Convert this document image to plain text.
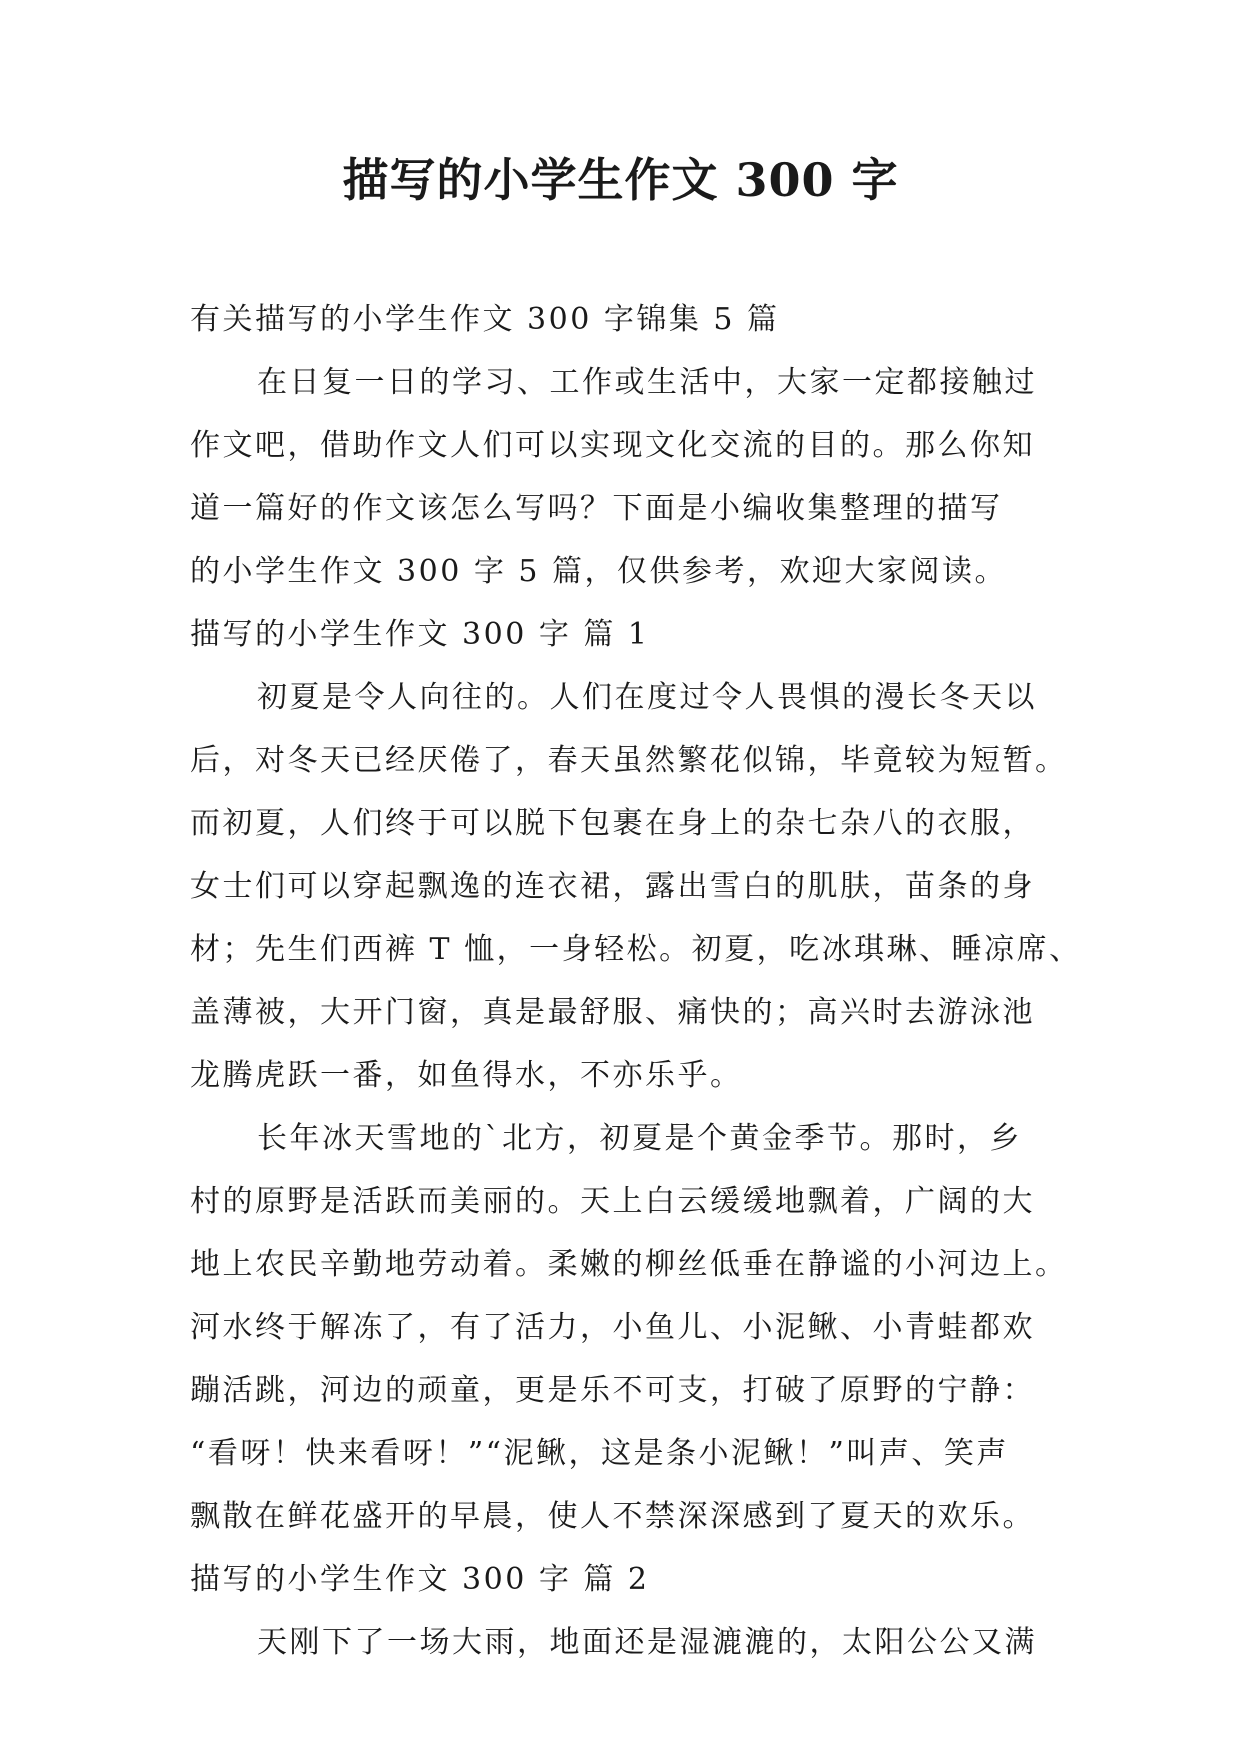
描写的小学生作文 300 字
有关描写的小学生作文 300 字锦集 5 篇
在日复一日的学习、工作或生活中，大家一定都接触过
作文吧，借助作文人们可以实现文化交流的目的。那么你知
道一篇好的作文该怎么写吗？下面是小编收集整理的描写
的小学生作文 300 字 5 篇，仅供参考，欢迎大家阅读。
描写的小学生作文 300 字 篇 1
初夏是令人向往的。人们在度过令人畏惧的漫长冬天以
后，对冬天已经厌倦了，春天虽然繁花似锦，毕竟较为短暂。
而初夏，人们终于可以脱下包裹在身上的杂七杂八的衣服，
女士们可以穿起飘逸的连衣裙，露出雪白的肌肤，苗条的身
材；先生们西裤 T 恤，一身轻松。初夏，吃冰琪琳、睡凉席、
盖薄被，大开门窗，真是最舒服、痛快的；高兴时去游泳池
龙腾虎跃一番，如鱼得水，不亦乐乎。
长年冰天雪地的`北方，初夏是个黄金季节。那时，乡
村的原野是活跃而美丽的。天上白云缓缓地飘着，广阔的大
地上农民辛勤地劳动着。柔嫩的柳丝低垂在静谧的小河边上。
河水终于解冻了，有了活力，小鱼儿、小泥鳅、小青蛙都欢
蹦活跳，河边的顽童，更是乐不可支，打破了原野的宁静：
“看呀！快来看呀！”“泥鳅，这是条小泥鳅！”叫声、笑声
飘散在鲜花盛开的早晨，使人不禁深深感到了夏天的欢乐。
描写的小学生作文 300 字 篇 2
天刚下了一场大雨，地面还是湿漉漉的，太阳公公又满
